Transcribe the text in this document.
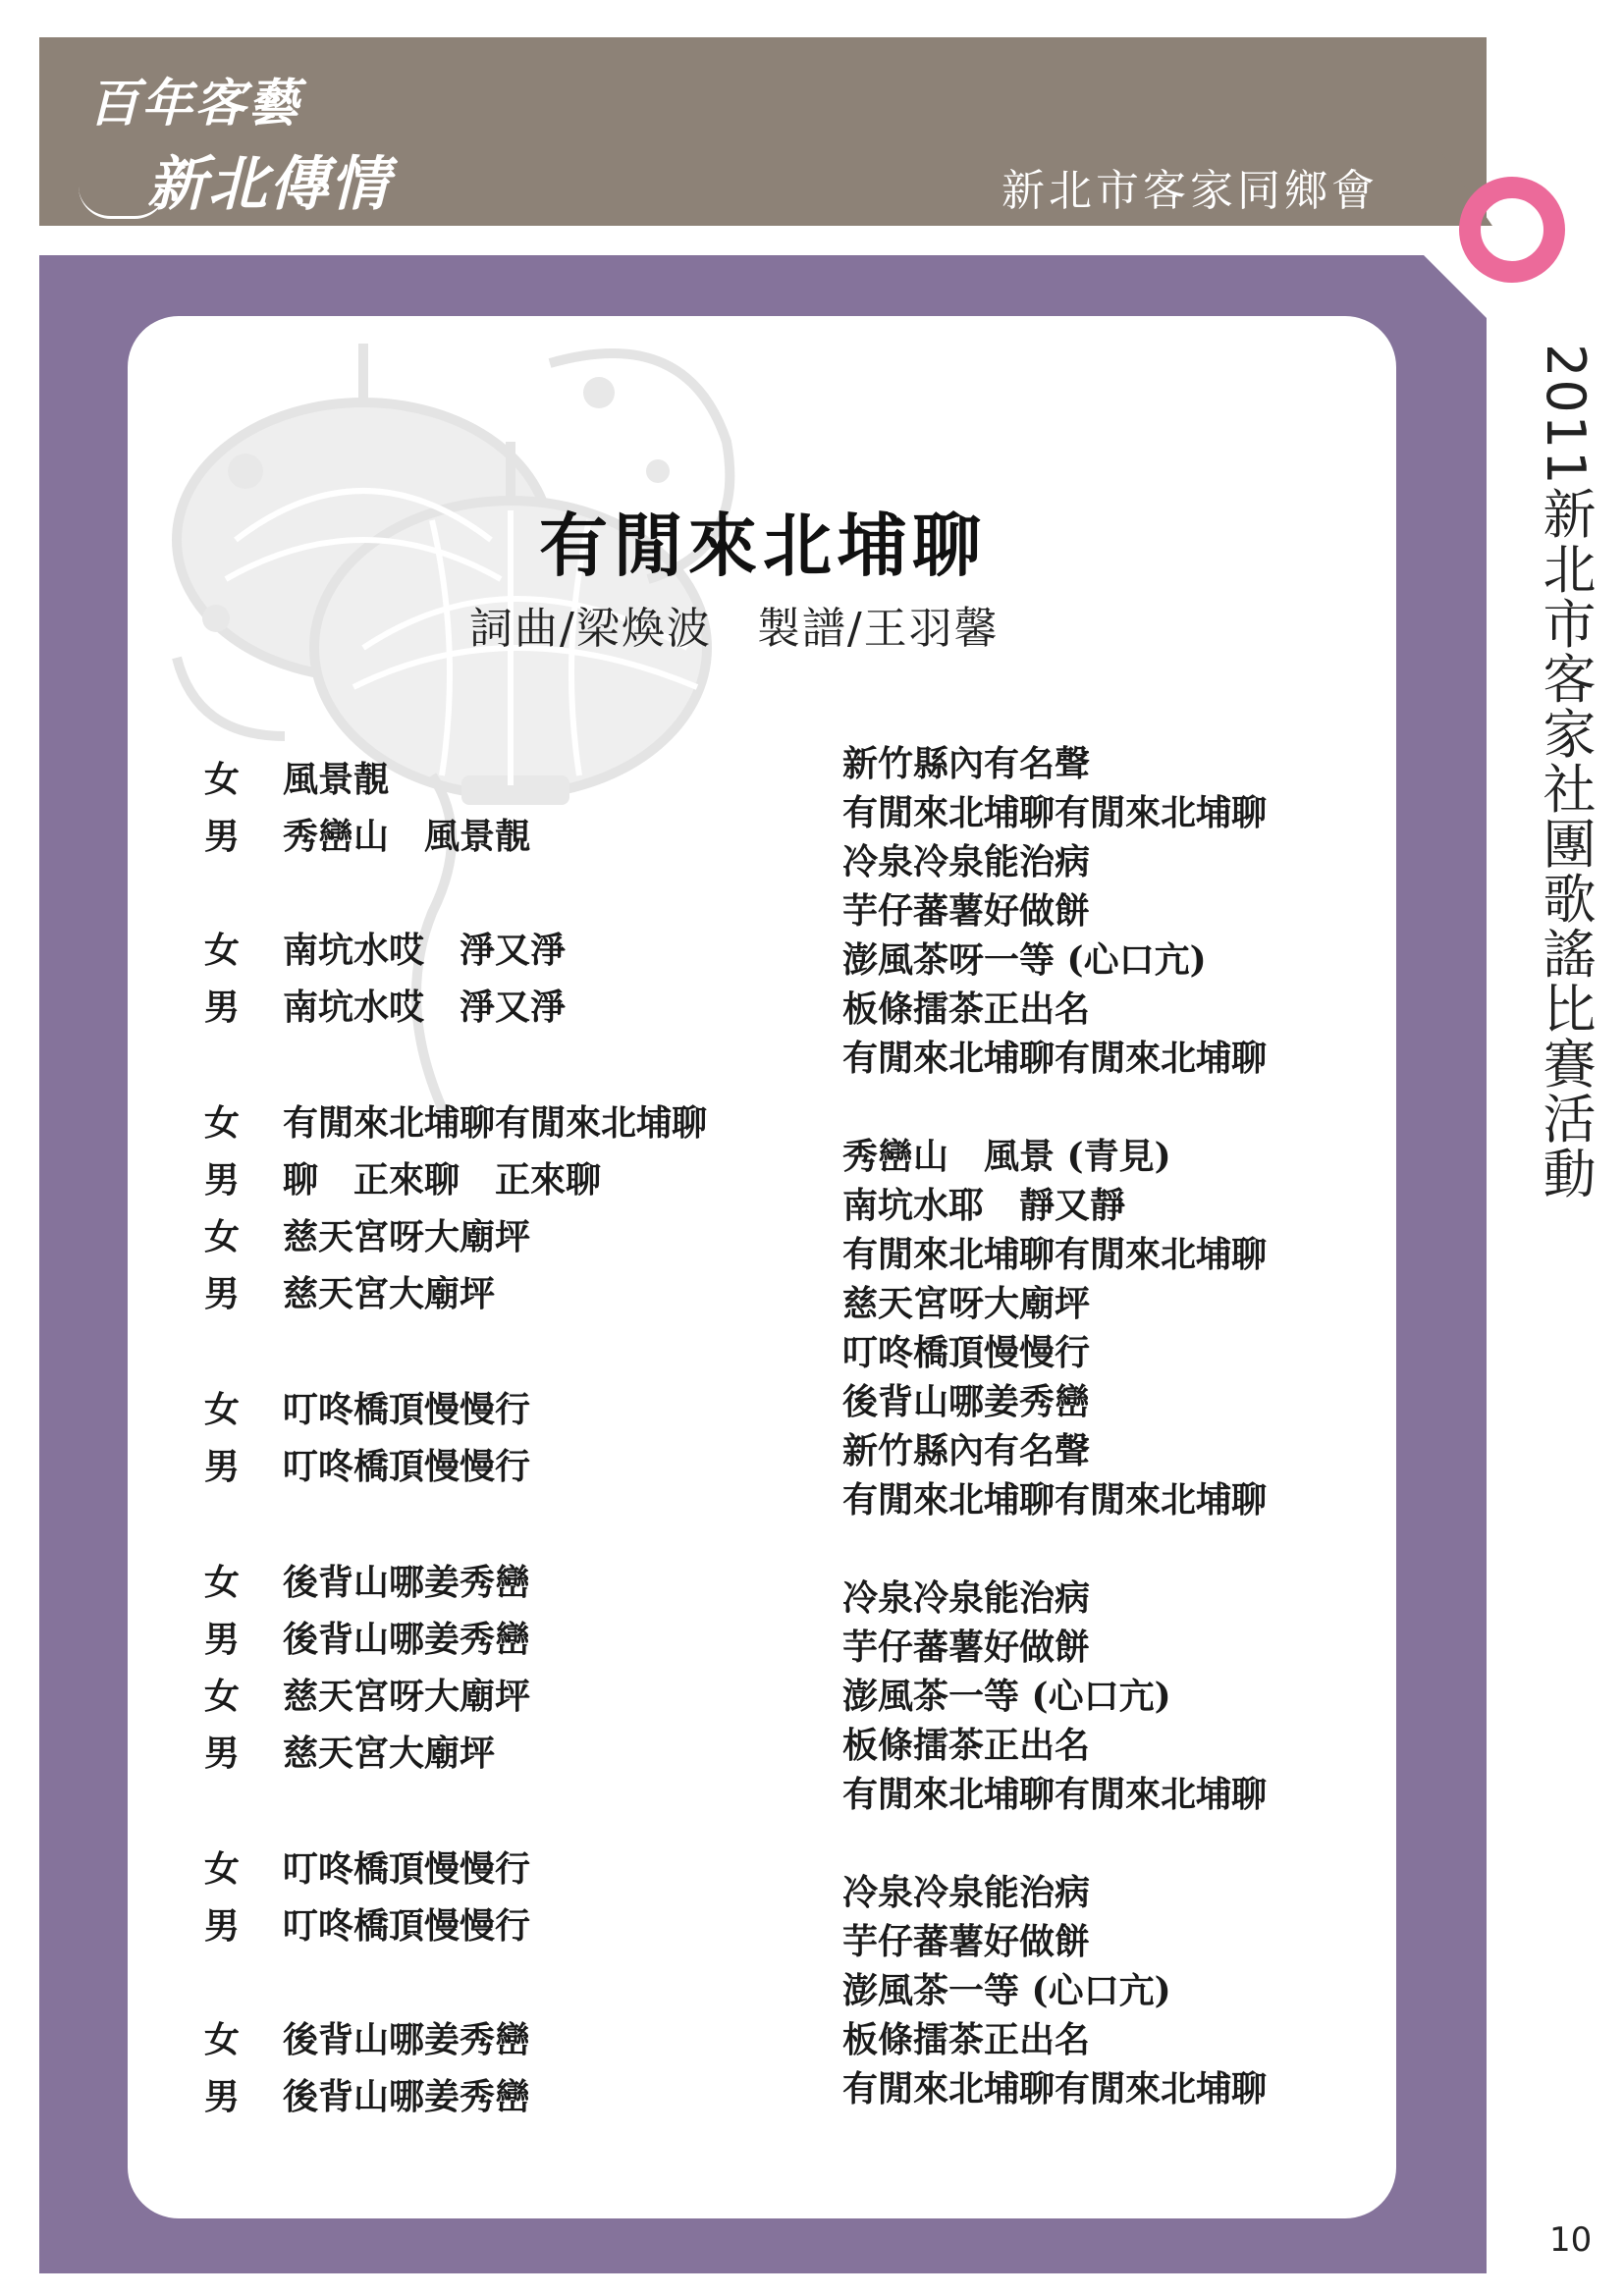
百年客藝
新北傳情	新北市客家同鄉會
2011新北市客家社團歌謠比賽活動
10
有閒來北埔聊
詞曲/梁煥波　製譜/王羽馨
女 風景靚
男 秀巒山　風景靚
女 南坑水哎　淨又淨
男 南坑水哎　淨又淨
女 有閒來北埔聊有閒來北埔聊
男 聊　正來聊　正來聊
女 慈天宮呀大廟坪
男 慈天宮大廟坪
女 叮咚橋頂慢慢行
男 叮咚橋頂慢慢行
女 後背山哪姜秀巒
男 後背山哪姜秀巒
女 慈天宮呀大廟坪
男 慈天宮大廟坪
女 叮咚橋頂慢慢行
男 叮咚橋頂慢慢行
女 後背山哪姜秀巒
男 後背山哪姜秀巒
新竹縣內有名聲
有閒來北埔聊有閒來北埔聊
冷泉冷泉能治病
芋仔蕃薯好做餅
澎風茶呀一等 (心口亢)
板條擂茶正出名
有閒來北埔聊有閒來北埔聊
秀巒山　風景 (青見)
南坑水耶　靜又靜
有閒來北埔聊有閒來北埔聊
慈天宮呀大廟坪
叮咚橋頂慢慢行
後背山哪姜秀巒
新竹縣內有名聲
有閒來北埔聊有閒來北埔聊
冷泉冷泉能治病
芋仔蕃薯好做餅
澎風茶一等 (心口亢)
板條擂茶正出名
有閒來北埔聊有閒來北埔聊
冷泉冷泉能治病
芋仔蕃薯好做餅
澎風茶一等 (心口亢)
板條擂茶正出名
有閒來北埔聊有閒來北埔聊
